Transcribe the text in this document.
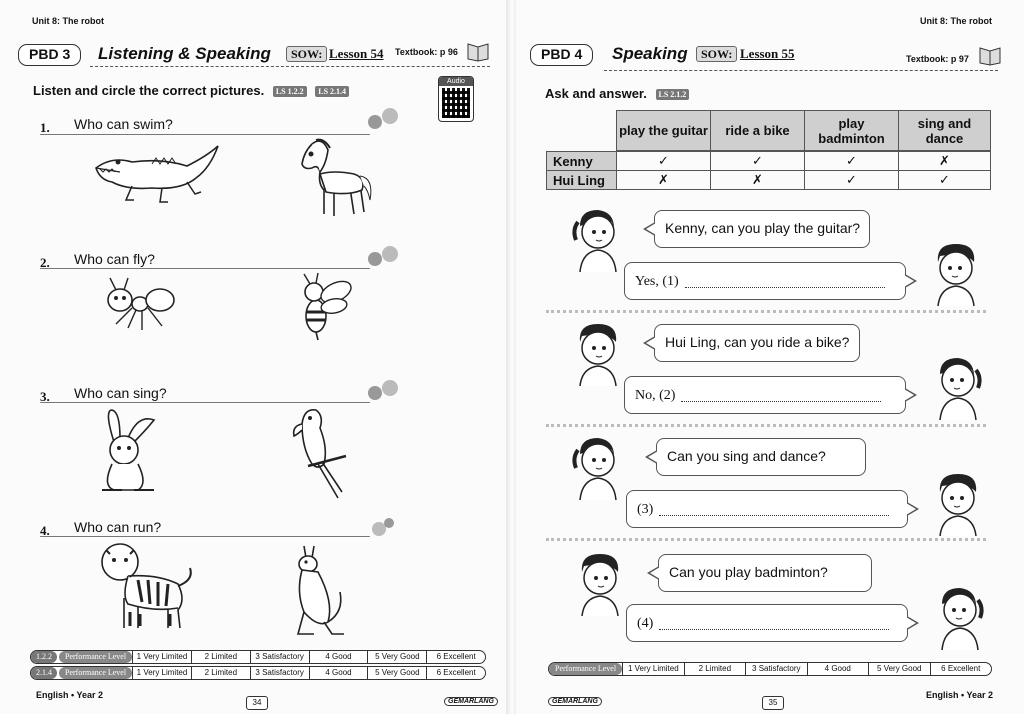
Unit 8: The robot
PBD 3	Listening & Speaking	SOW: Lesson 54 Textbook: p 96
Listen and circle the correct pictures. LS 1.2.2 LS 2.1.4
Audio
1. Who can swim?
2. Who can fly?
3. Who can sing?
4. Who can run?
1.2.2	Performance Level	1 Very Limited	2 Limited	3 Satisfactory	4 Good	5 Very Good	6 Excellent
2.1.4	Performance Level	1 Very Limited	2 Limited	3 Satisfactory	4 Good	5 Very Good	6 Excellent
English • Year 2
34	GEMARLANG
Unit 8: The robot
PBD 4	Speaking	SOW: Lesson 55	Textbook: p 97
Ask and answer. LS 2.1.2
	play the guitar	ride a bike	play badminton	sing and dance
Kenny	✓	✓	✓	✗
Hui Ling	✗	✗	✓	✓
Kenny, can you play the guitar?
Yes, (1)
Hui Ling, can you ride a bike?
No, (2)
Can you sing and dance?
(3)
Can you play badminton?
(4)
Performance Level	1 Very Limited	2 Limited	3 Satisfactory	4 Good	5 Very Good	6 Excellent
GEMARLANG	35
English • Year 2
